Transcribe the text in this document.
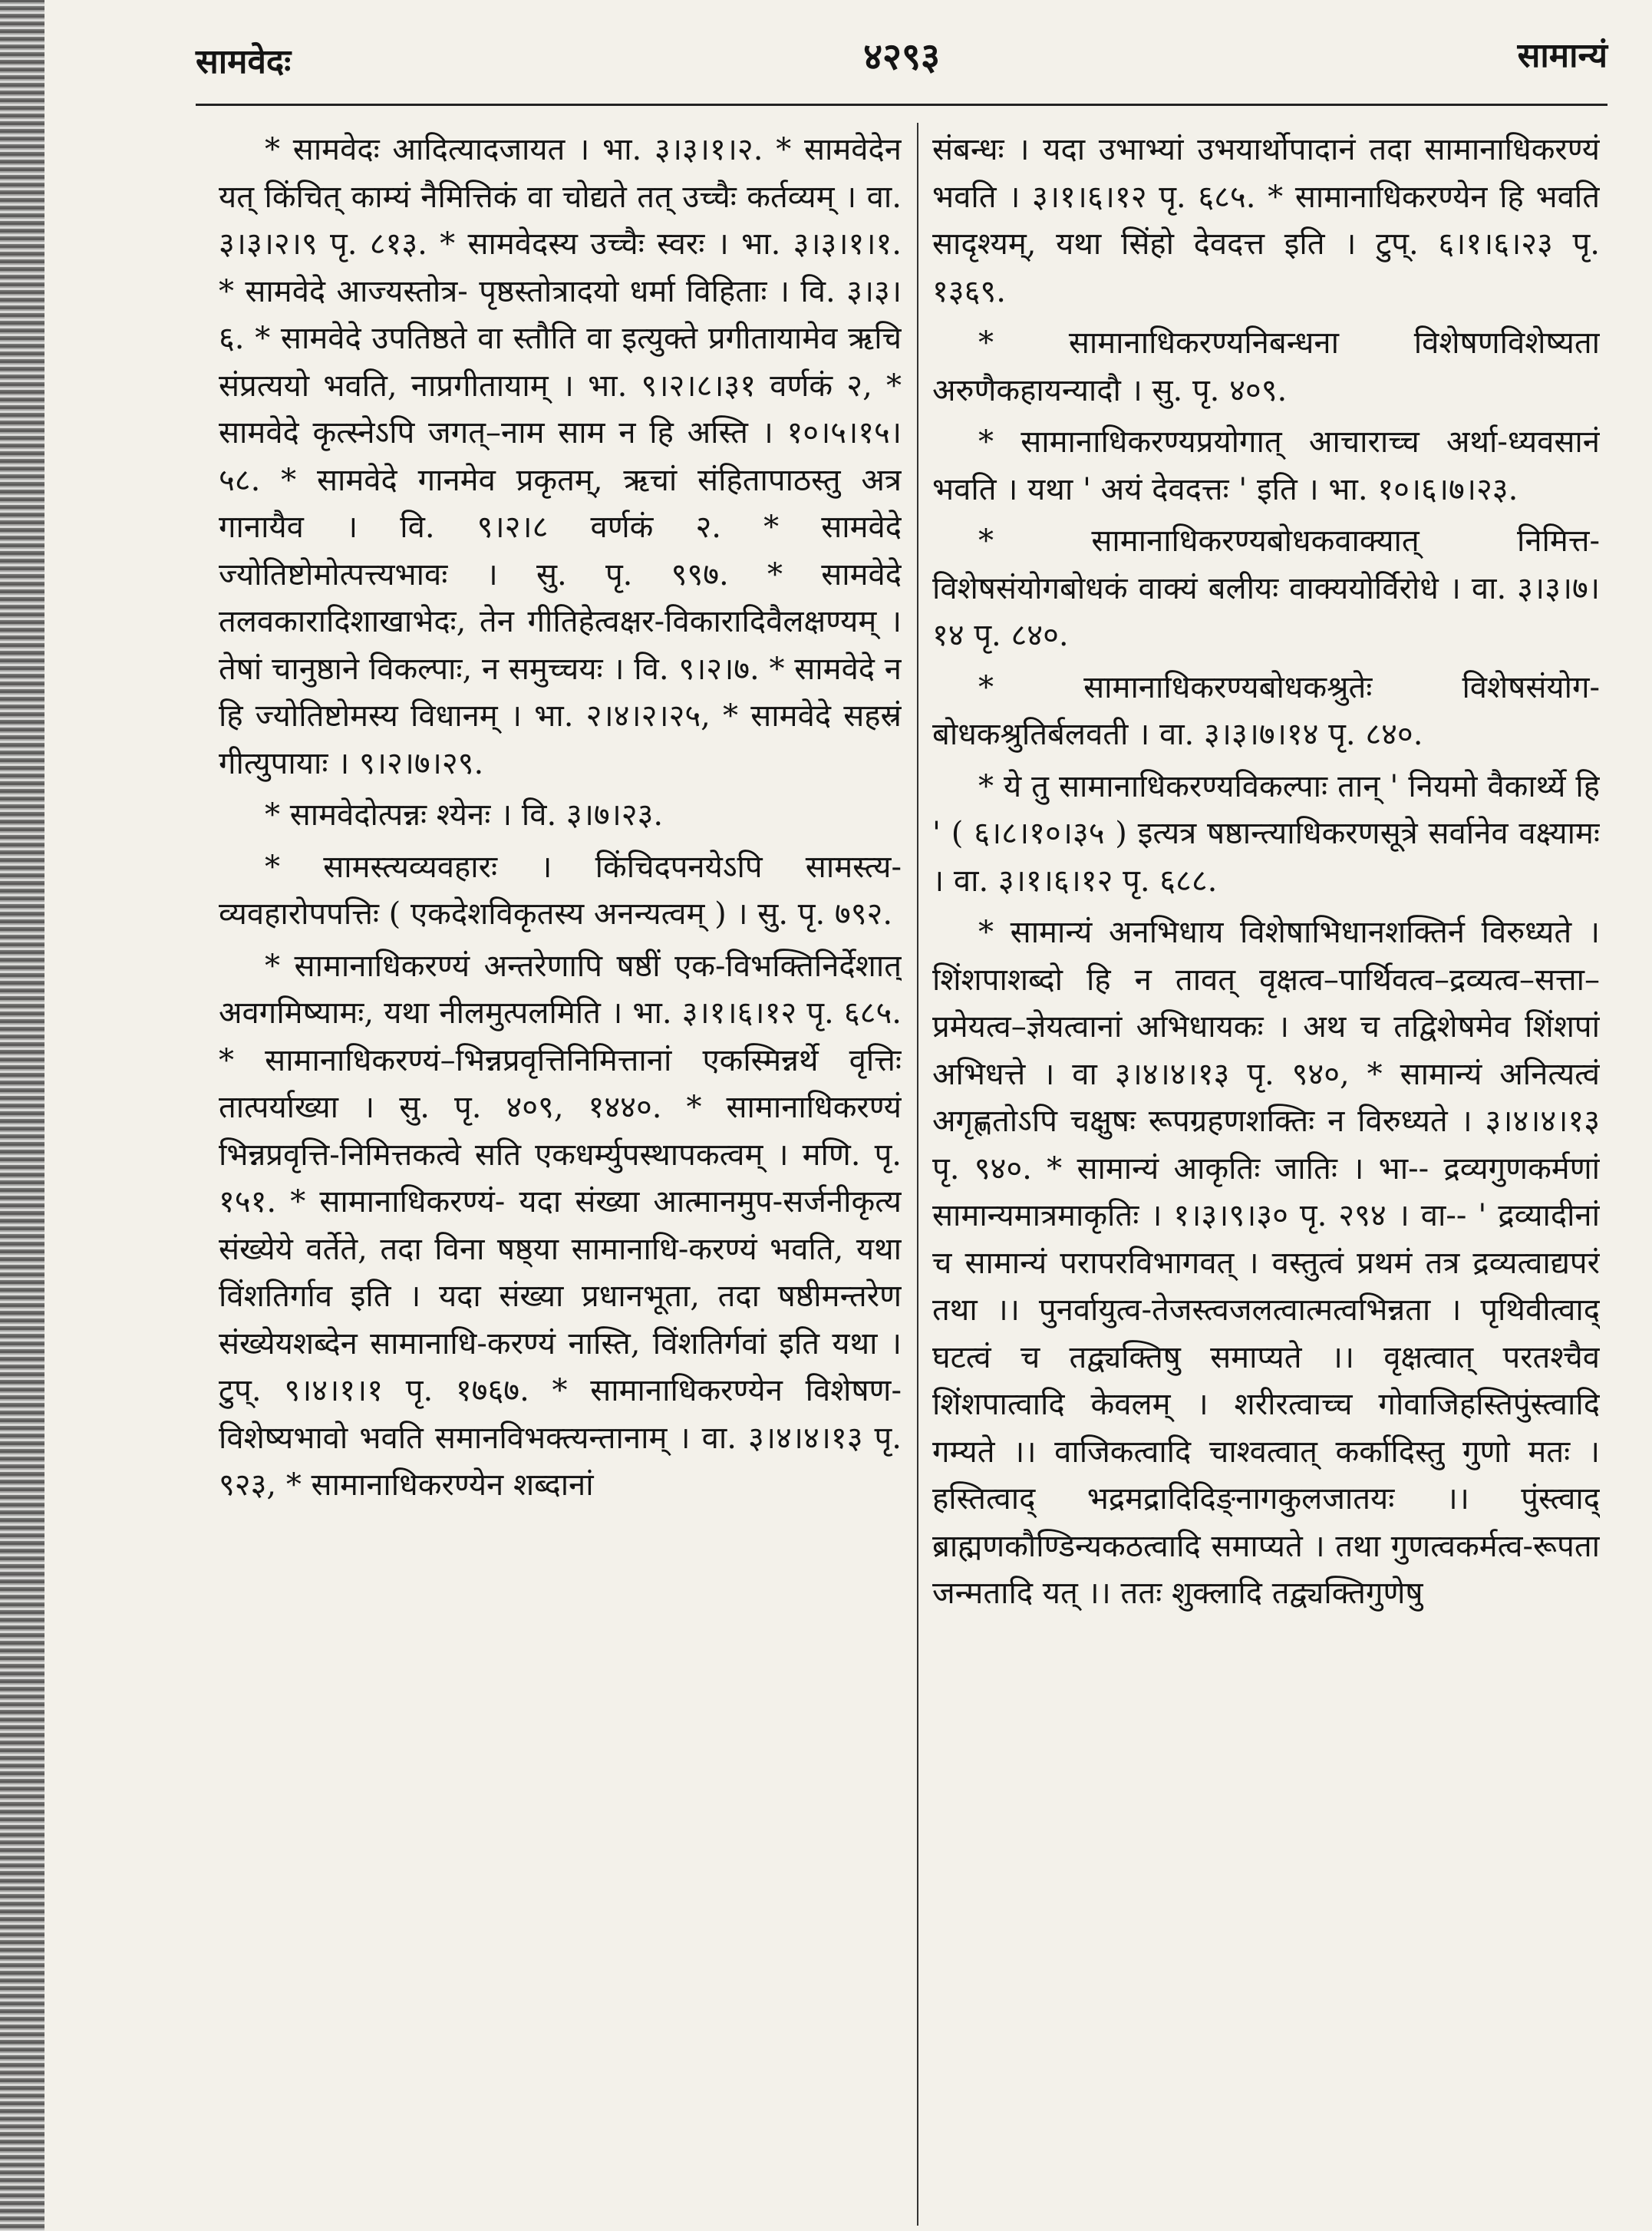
सामवेदः	४२९३	सामान्यं

* सामवेदः आदित्यादजायत । भा. ३।३।१।२. * सामवेदेन यत् किंचित् काम्यं नैमित्तिकं वा चोद्यते तत् उच्चैः कर्तव्यम् । वा. ३।३।२।९ पृ. ८१३. * सामवेदस्य उच्चैः स्वरः । भा. ३।३।१।१. * सामवेदे आज्यस्तोत्र- पृष्ठस्तोत्रादयो धर्मा विहिताः । वि. ३।३।६. * सामवेदे उपतिष्ठते वा स्तौति वा इत्युक्ते प्रगीतायामेव ऋचि संप्रत्ययो भवति, नाप्रगीतायाम् । भा. ९।२।८।३१ वर्णकं २, * सामवेदे कृत्स्नेऽपि जगत्–नाम साम न हि अस्ति । १०।५।१५।५८. * सामवेदे गानमेव प्रकृतम्, ऋचां संहितापाठस्तु अत्र गानायैव । वि. ९।२।८ वर्णकं २. * सामवेदे ज्योतिष्टोमोत्पत्त्यभावः । सु. पृ. ९९७. * सामवेदे तलवकारादिशाखाभेदः, तेन गीतिहेत्वक्षर-विकारादिवैलक्षण्यम् । तेषां चानुष्ठाने विकल्पाः, न समुच्चयः । वि. ९।२।७. * सामवेदे न हि ज्योतिष्टोमस्य विधानम् । भा. २।४।२।२५, * सामवेदे सहस्रं गीत्युपायाः । ९।२।७।२९.

* सामवेदोत्पन्नः श्येनः । वि. ३।७।२३.

* सामस्त्यव्यवहारः । किंचिदपनयेऽपि सामस्त्य-व्यवहारोपपत्तिः ( एकदेशविकृतस्य अनन्यत्वम् ) । सु. पृ. ७९२.

* सामानाधिकरण्यं अन्तरेणापि षष्ठीं एक-विभक्तिनिर्देशात् अवगमिष्यामः, यथा नीलमुत्पलमिति । भा. ३।१।६।१२ पृ. ६८५. * सामानाधिकरण्यं–भिन्नप्रवृत्तिनिमित्तानां एकस्मिन्नर्थे वृत्तिः तात्पर्याख्या । सु. पृ. ४०९, १४४०. * सामानाधिकरण्यं भिन्नप्रवृत्ति-निमित्तकत्वे सति एकधर्म्युपस्थापकत्वम् । मणि. पृ. १५१. * सामानाधिकरण्यं- यदा संख्या आत्मानमुप-सर्जनीकृत्य संख्येये वर्तेते, तदा विना षष्ठ्या सामानाधि-करण्यं भवति, यथा विंशतिर्गाव इति । यदा संख्या प्रधानभूता, तदा षष्ठीमन्तरेण संख्येयशब्देन सामानाधि-करण्यं नास्ति, विंशतिर्गवां इति यथा । टुप्. ९।४।१।१ पृ. १७६७. * सामानाधिकरण्येन विशेषण-विशेष्यभावो भवति समानविभक्त्यन्तानाम् । वा. ३।४।४।१३ पृ. ९२३, * सामानाधिकरण्येन शब्दानां

संबन्धः । यदा उभाभ्यां उभयार्थोपादानं तदा सामानाधिकरण्यं भवति । ३।१।६।१२ पृ. ६८५. * सामानाधिकरण्येन हि भवति सादृश्यम्, यथा सिंहो देवदत्त इति । टुप्. ६।१।६।२३ पृ. १३६९.

* सामानाधिकरण्यनिबन्धना विशेषणविशेष्यता अरुणैकहायन्यादौ । सु. पृ. ४०९.

* सामानाधिकरण्यप्रयोगात् आचाराच्च अर्था-ध्यवसानं भवति । यथा ' अयं देवदत्तः ' इति । भा. १०।६।७।२३.

* सामानाधिकरण्यबोधकवाक्यात् निमित्त-विशेषसंयोगबोधकं वाक्यं बलीयः वाक्ययोर्विरोधे । वा. ३।३।७।१४ पृ. ८४०.

* सामानाधिकरण्यबोधकश्रुतेः विशेषसंयोग-बोधकश्रुतिर्बलवती । वा. ३।३।७।१४ पृ. ८४०.

* ये तु सामानाधिकरण्यविकल्पाः तान् ' नियमो वैकार्थ्ये हि ' ( ६।८।१०।३५ ) इत्यत्र षष्ठान्त्याधिकरणसूत्रे सर्वानेव वक्ष्यामः । वा. ३।१।६।१२ पृ. ६८८.

* सामान्यं अनभिधाय विशेषाभिधानशक्तिर्न विरुध्यते । शिंशपाशब्दो हि न तावत् वृक्षत्व–पार्थिवत्व–द्रव्यत्व–सत्ता–प्रमेयत्व–ज्ञेयत्वानां अभिधायकः । अथ च तद्विशेषमेव शिंशपां अभिधत्ते । वा ३।४।४।१३ पृ. ९४०, * सामान्यं अनित्यत्वं अगृह्णतोऽपि चक्षुषः रूपग्रहणशक्तिः न विरुध्यते । ३।४।४।१३ पृ. ९४०. * सामान्यं आकृतिः जातिः । भा-- द्रव्यगुणकर्मणां सामान्यमात्रमाकृतिः । १।३।९।३० पृ. २९४ । वा-- ' द्रव्यादीनां च सामान्यं परापरविभागवत् । वस्तुत्वं प्रथमं तत्र द्रव्यत्वाद्यपरं तथा ।। पुनर्वायुत्व-तेजस्त्वजलत्वात्मत्वभिन्नता । पृथिवीत्वाद् घटत्वं च तद्व्यक्तिषु समाप्यते ।। वृक्षत्वात् परतश्चैव शिंशपात्वादि केवलम् । शरीरत्वाच्च गोवाजिहस्तिपुंस्त्वादि गम्यते ।। वाजिकत्वादि चाश्वत्वात् कर्कादिस्तु गुणो मतः । हस्तित्वाद् भद्रमद्रादिदिङ्नागकुलजातयः ।। पुंस्त्वाद् ब्राह्मणकौण्डिन्यकठत्वादि समाप्यते । तथा गुणत्वकर्मत्व-रूपता जन्मतादि यत् ।। ततः शुक्लादि तद्व्यक्तिगुणेषु
